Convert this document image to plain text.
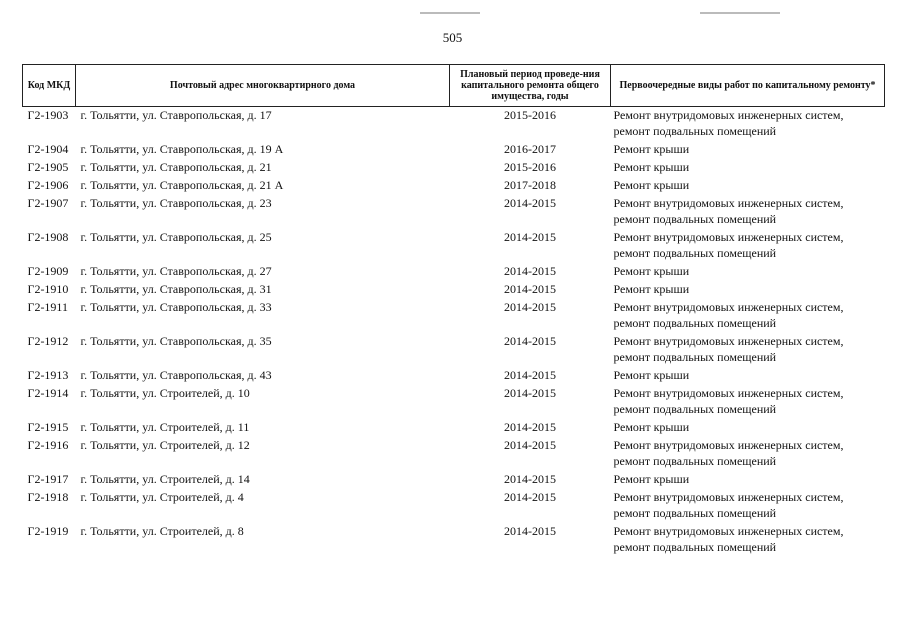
505
Код МКД	Почтовый адрес многоквартирного дома	Плановый период проведе-ния капитального ремонта общего имущества, годы	Первоочередные виды работ по капитальному ремонту*
Г2-1903	г. Тольятти, ул. Ставропольская, д. 17	2015-2016	Ремонт внутридомовых инженерных систем,
ремонт подвальных помещений

Г2-1904	г. Тольятти, ул. Ставропольская, д. 19 А	2016-2017	Ремонт крыши

Г2-1905	г. Тольятти, ул. Ставропольская, д. 21	2015-2016	Ремонт крыши

Г2-1906	г. Тольятти, ул. Ставропольская, д. 21 А	2017-2018	Ремонт крыши

Г2-1907	г. Тольятти, ул. Ставропольская, д. 23	2014-2015	Ремонт внутридомовых инженерных систем,
ремонт подвальных помещений

Г2-1908	г. Тольятти, ул. Ставропольская, д. 25	2014-2015	Ремонт внутридомовых инженерных систем,
ремонт подвальных помещений

Г2-1909	г. Тольятти, ул. Ставропольская, д. 27	2014-2015	Ремонт крыши

Г2-1910	г. Тольятти, ул. Ставропольская, д. 31	2014-2015	Ремонт крыши

Г2-1911	г. Тольятти, ул. Ставропольская, д. 33	2014-2015	Ремонт внутридомовых инженерных систем,
ремонт подвальных помещений

Г2-1912	г. Тольятти, ул. Ставропольская, д. 35	2014-2015	Ремонт внутридомовых инженерных систем,
ремонт подвальных помещений

Г2-1913	г. Тольятти, ул. Ставропольская, д. 43	2014-2015	Ремонт крыши

Г2-1914	г. Тольятти, ул. Строителей, д. 10	2014-2015	Ремонт внутридомовых инженерных систем,
ремонт подвальных помещений

Г2-1915	г. Тольятти, ул. Строителей, д. 11	2014-2015	Ремонт крыши

Г2-1916	г. Тольятти, ул. Строителей, д. 12	2014-2015	Ремонт внутридомовых инженерных систем,
ремонт подвальных помещений

Г2-1917	г. Тольятти, ул. Строителей, д. 14	2014-2015	Ремонт крыши

Г2-1918	г. Тольятти, ул. Строителей, д. 4	2014-2015	Ремонт внутридомовых инженерных систем,
ремонт подвальных помещений

Г2-1919	г. Тольятти, ул. Строителей, д. 8	2014-2015	Ремонт внутридомовых инженерных систем,
ремонт подвальных помещений
